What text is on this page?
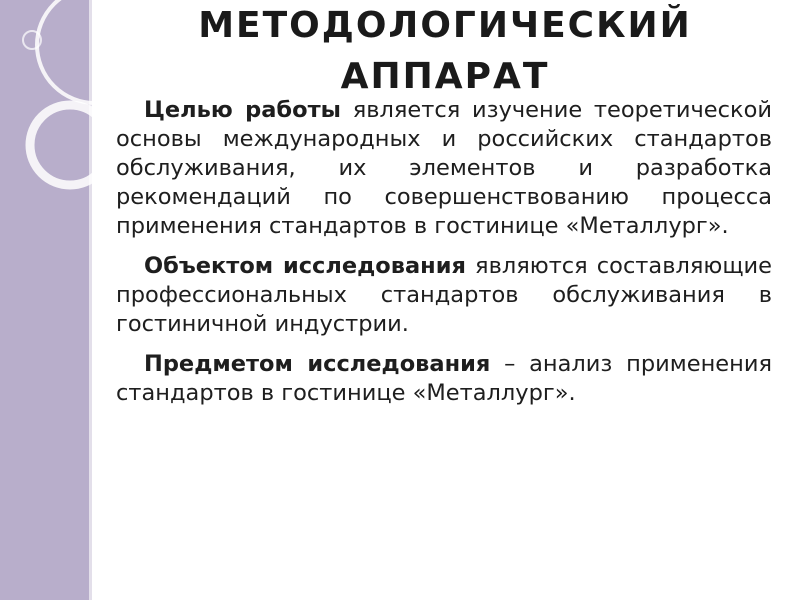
МЕТОДОЛОГИЧЕСКИЙ
АППАРАТ

Целью работы является изучение теоретической основы международных и российских стандартов обслуживания, их элементов и разработка рекомендаций по совершенствованию процесса применения стандартов в гостинице «Металлург».

Объектом исследования являются составляющие профессиональных стандартов обслуживания в гостиничной индустрии.

Предметом исследования – анализ применения стандартов в гостинице «Металлург».
